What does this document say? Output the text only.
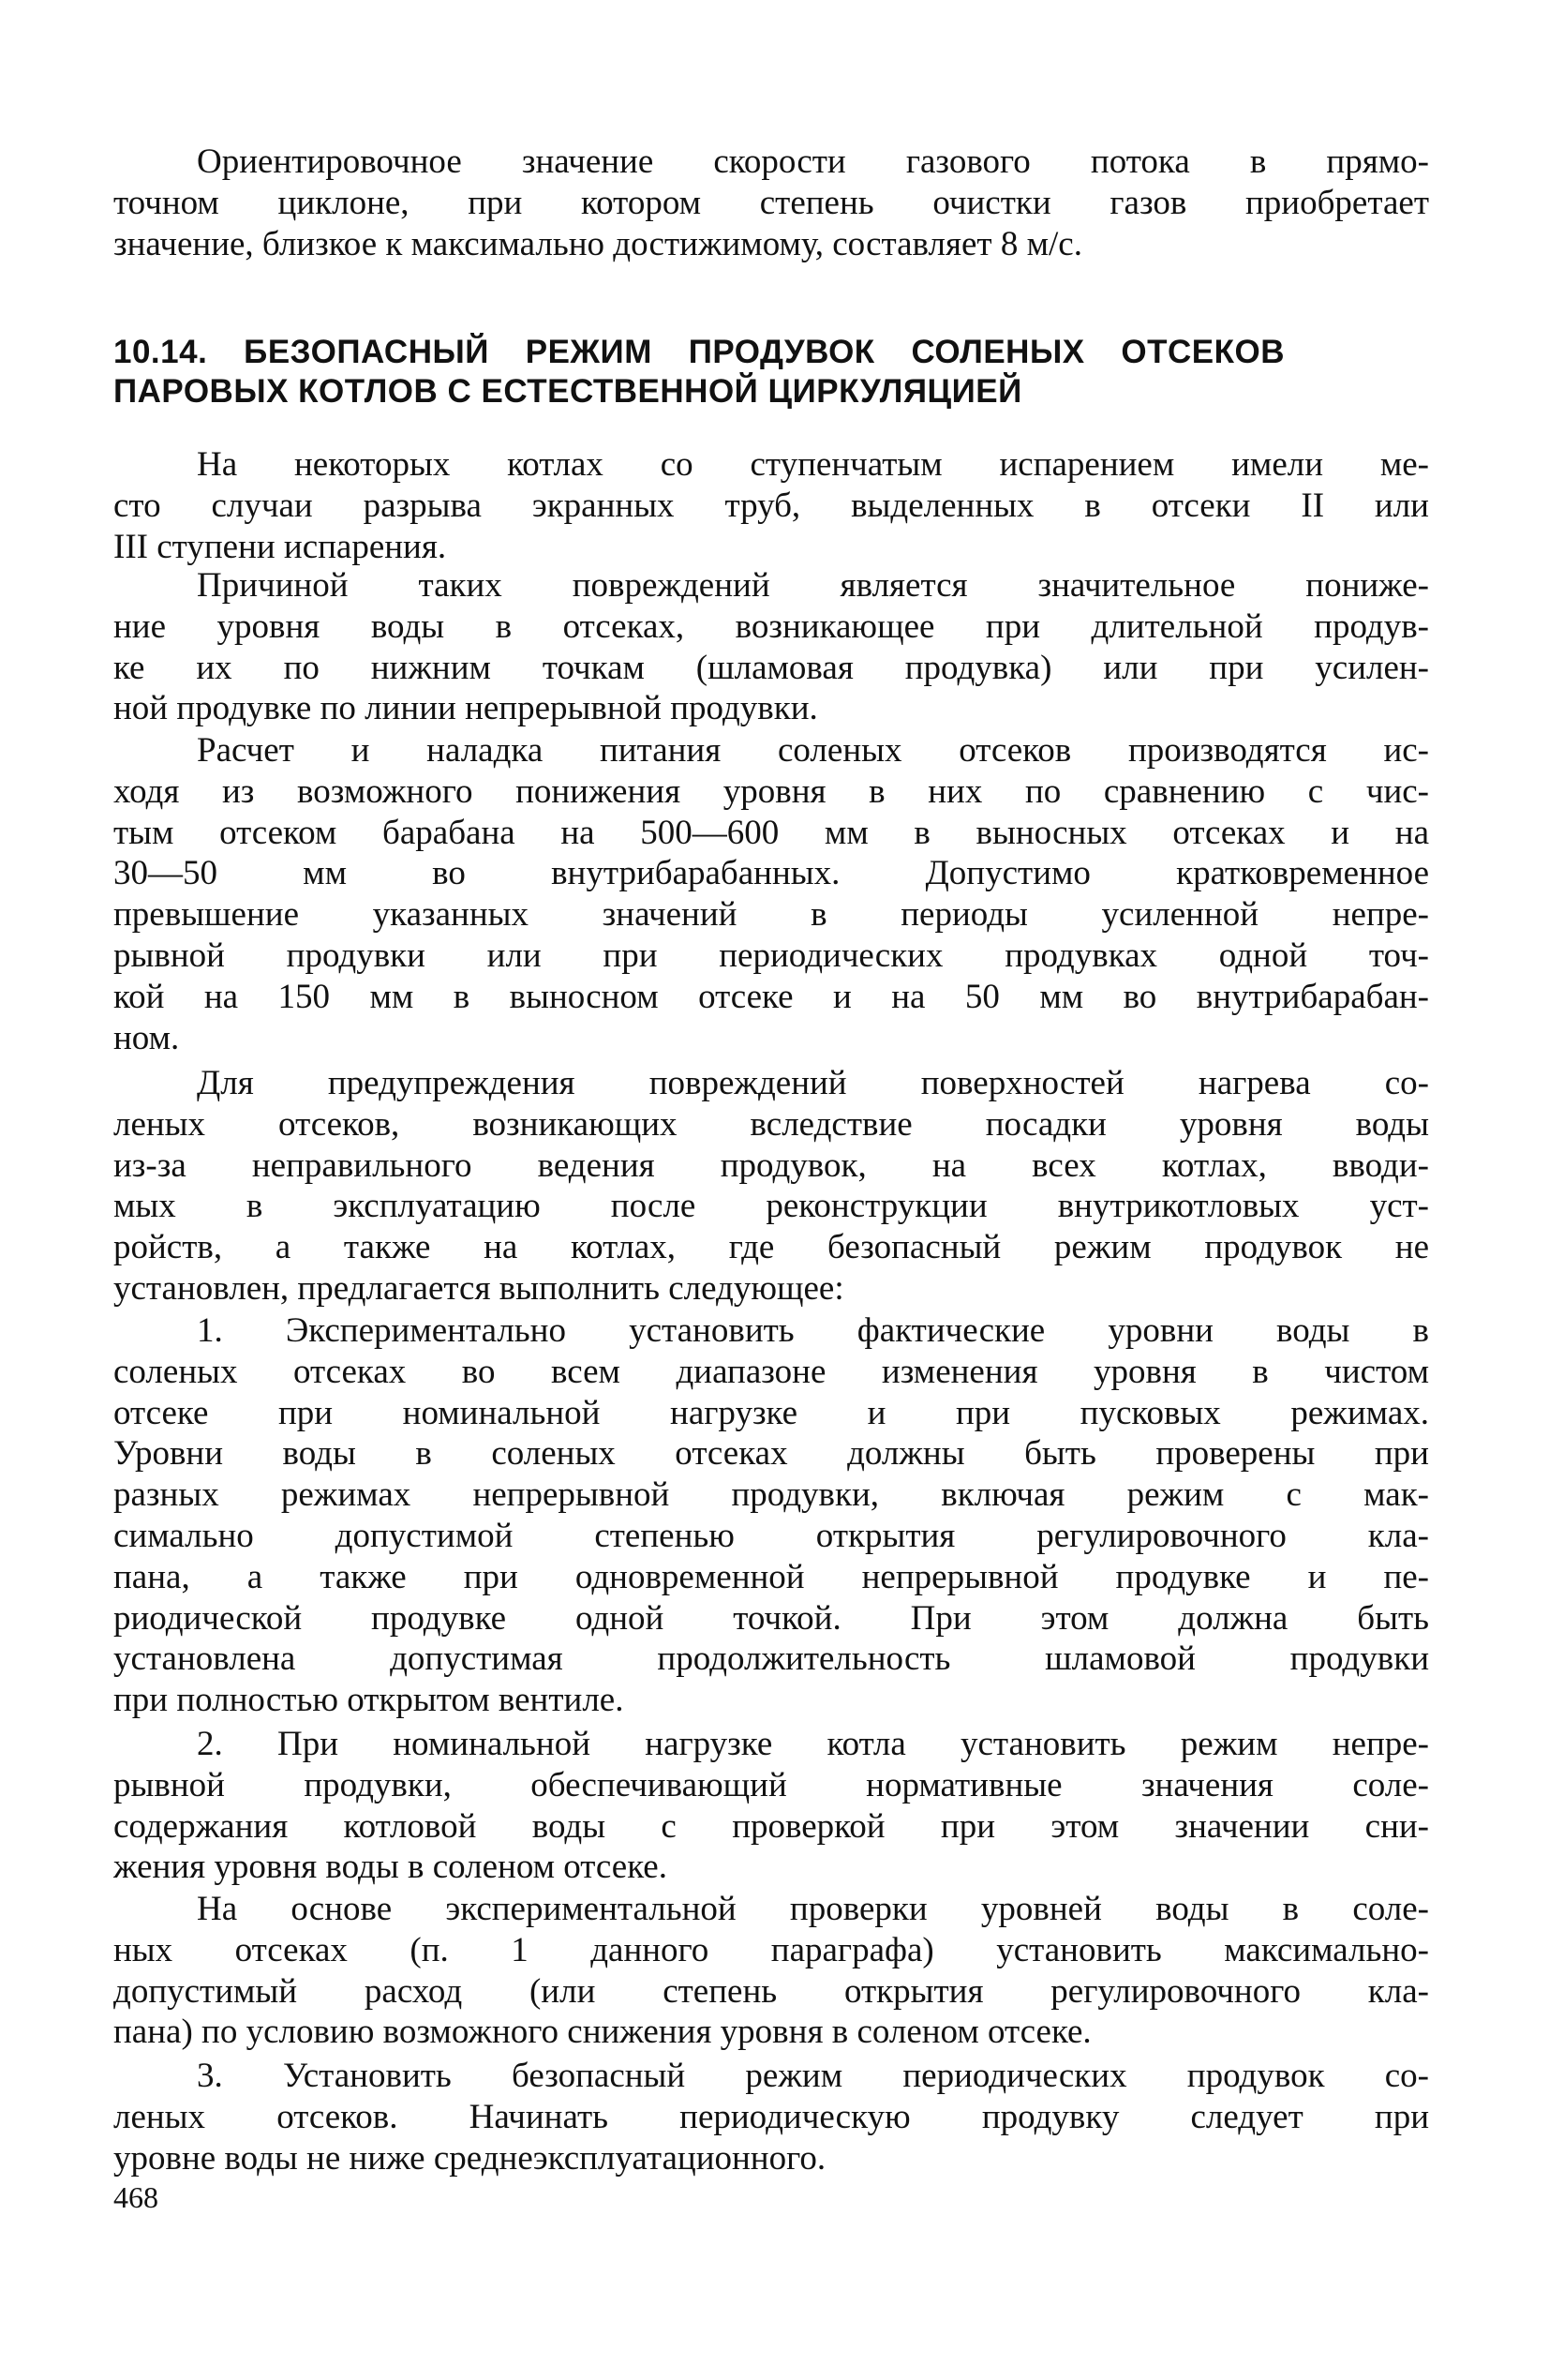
Ориентировочное значение скорости газового потока в прямо-
точном циклоне, при котором степень очистки газов приобретает
значение, близкое к максимально достижимому, составляет 8 м/с.
10.14. БЕЗОПАСНЫЙ РЕЖИМ ПРОДУВОК СОЛЕНЫХ ОТСЕКОВ
ПАРОВЫХ КОТЛОВ С ЕСТЕСТВЕННОЙ ЦИРКУЛЯЦИЕЙ
На некоторых котлах со ступенчатым испарением имели ме-
сто случаи разрыва экранных труб, выделенных в отсеки II или
III ступени испарения.
Причиной таких повреждений является значительное пониже-
ние уровня воды в отсеках, возникающее при длительной продув-
ке их по нижним точкам (шламовая продувка) или при усилен-
ной продувке по линии непрерывной продувки.
Расчет и наладка питания соленых отсеков производятся ис-
ходя из возможного понижения уровня в них по сравнению с чис-
тым отсеком барабана на 500—600 мм в выносных отсеках и на
30—50 мм во внутрибарабанных. Допустимо кратковременное
превышение указанных значений в периоды усиленной непре-
рывной продувки или при периодических продувках одной точ-
кой на 150 мм в выносном отсеке и на 50 мм во внутрибарабан-
ном.
Для предупреждения повреждений поверхностей нагрева со-
леных отсеков, возникающих вследствие посадки уровня воды
из-за неправильного ведения продувок, на всех котлах, вводи-
мых в эксплуатацию после реконструкции внутрикотловых уст-
ройств, а также на котлах, где безопасный режим продувок не
установлен, предлагается выполнить следующее:
1. Экспериментально установить фактические уровни воды в
соленых отсеках во всем диапазоне изменения уровня в чистом
отсеке при номинальной нагрузке и при пусковых режимах.
Уровни воды в соленых отсеках должны быть проверены при
разных режимах непрерывной продувки, включая режим с мак-
симально допустимой степенью открытия регулировочного кла-
пана, а также при одновременной непрерывной продувке и пе-
риодической продувке одной точкой. При этом должна быть
установлена допустимая продолжительность шламовой продувки
при полностью открытом вентиле.
2. При номинальной нагрузке котла установить режим непре-
рывной продувки, обеспечивающий нормативные значения соле-
содержания котловой воды с проверкой при этом значении сни-
жения уровня воды в соленом отсеке.
На основе экспериментальной проверки уровней воды в соле-
ных отсеках (п. 1 данного параграфа) установить максимально-
допустимый расход (или степень открытия регулировочного кла-
пана) по условию возможного снижения уровня в соленом отсеке.
3. Установить безопасный режим периодических продувок со-
леных отсеков. Начинать периодическую продувку следует при
уровне воды не ниже среднеэксплуатационного.
468
